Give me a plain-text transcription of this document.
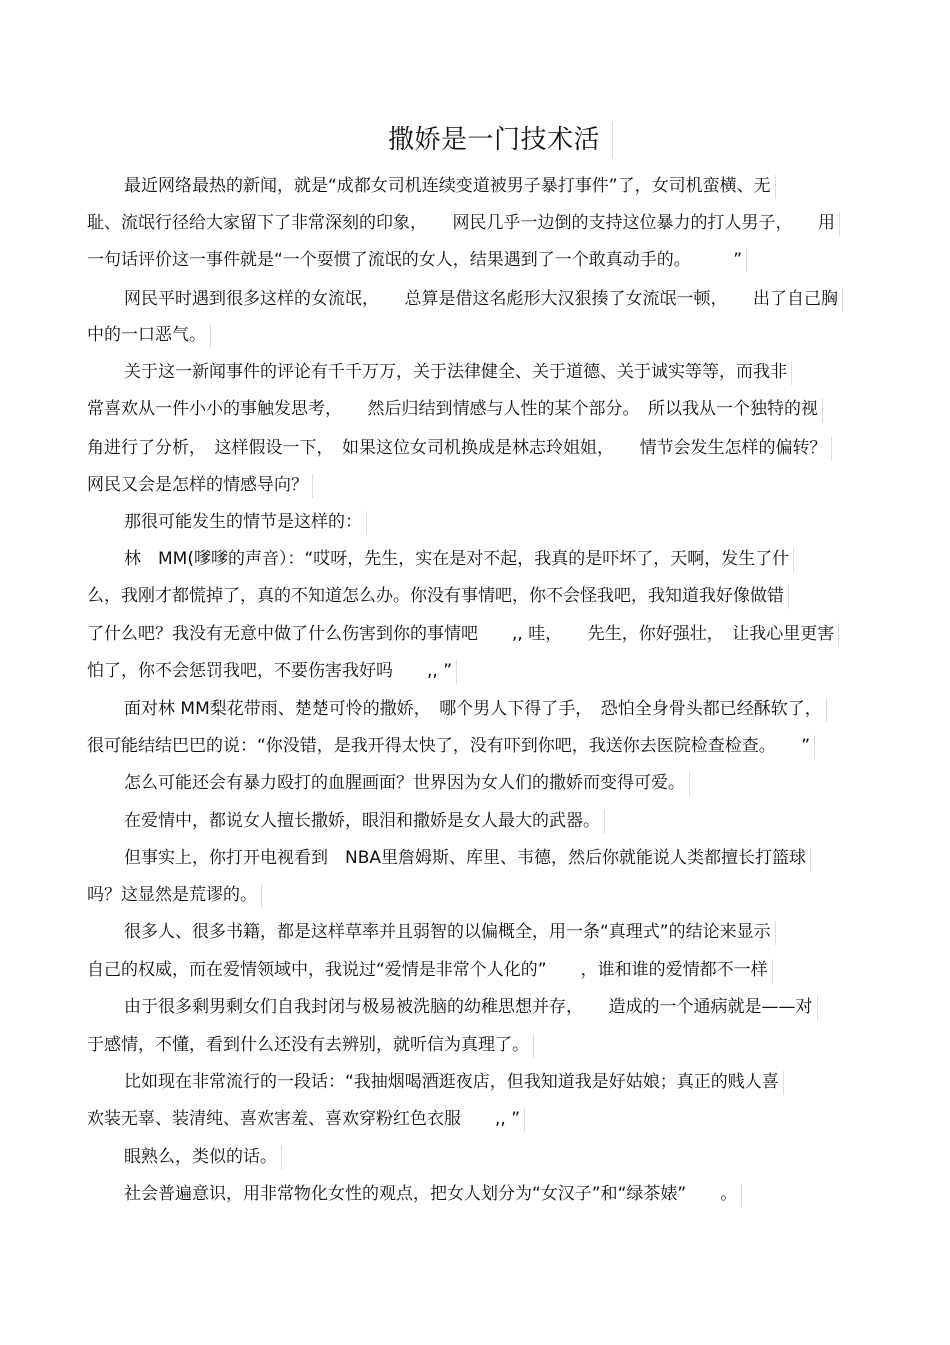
撒娇是一门技术活
最近网络最热的新闻，就是“成都女司机连续变道被男子暴打事件”了，女司机蛮横、无
耻、流氓行径给大家留下了非常深刻的印象，　　网民几乎一边倒的支持这位暴力的打人男子，　　用
一句话评价这一事件就是“一个耍惯了流氓的女人，结果遇到了一个敢真动手的。　　　”
网民平时遇到很多这样的女流氓，　　总算是借这名彪形大汉狠揍了女流氓一顿，　　出了自己胸
中的一口恶气。
关于这一新闻事件的评论有千千万万，关于法律健全、关于道德、关于诚实等等，而我非
常喜欢从一件小小的事触发思考，　　然后归结到情感与人性的某个部分。　所以我从一个独特的视
角进行了分析，　这样假设一下，　如果这位女司机换成是林志玲姐姐，　　情节会发生怎样的偏转？
网民又会是怎样的情感导向？
那很可能发生的情节是这样的：
林　MM(嗲嗲的声音）：“哎呀，先生，实在是对不起，我真的是吓坏了，天啊，发生了什
么，我刚才都慌掉了，真的不知道怎么办。你没有事情吧，你不会怪我吧，我知道我好像做错
了什么吧？我没有无意中做了什么伤害到你的事情吧　　,, 哇，　　先生，你好强壮，　让我心里更害
怕了，你不会惩罚我吧，不要伤害我好吗　　,, ”
面对林 MM梨花带雨、楚楚可怜的撒娇，　哪个男人下得了手，　恐怕全身骨头都已经酥软了，
很可能结结巴巴的说：“你没错，是我开得太快了，没有吓到你吧，我送你去医院检查检查。　　”
怎么可能还会有暴力殴打的血腥画面？世界因为女人们的撒娇而变得可爱。
在爱情中，都说女人擅长撒娇，眼泪和撒娇是女人最大的武器。
但事实上，你打开电视看到　NBA里詹姆斯、库里、韦德，然后你就能说人类都擅长打篮球
吗？这显然是荒谬的。
很多人、很多书籍，都是这样草率并且弱智的以偏概全，用一条“真理式”的结论来显示
自己的权威，而在爱情领域中，我说过“爱情是非常个人化的”　　，谁和谁的爱情都不一样
由于很多剩男剩女们自我封闭与极易被洗脑的幼稚思想并存，　　造成的一个通病就是——对
于感情，不懂，看到什么还没有去辨别，就听信为真理了。
比如现在非常流行的一段话：“我抽烟喝酒逛夜店，但我知道我是好姑娘；真正的贱人喜
欢装无辜、装清纯、喜欢害羞、喜欢穿粉红色衣服　　,, ”
眼熟么，类似的话。
社会普遍意识，用非常物化女性的观点，把女人划分为“女汉子”和“绿茶婊”　　。
